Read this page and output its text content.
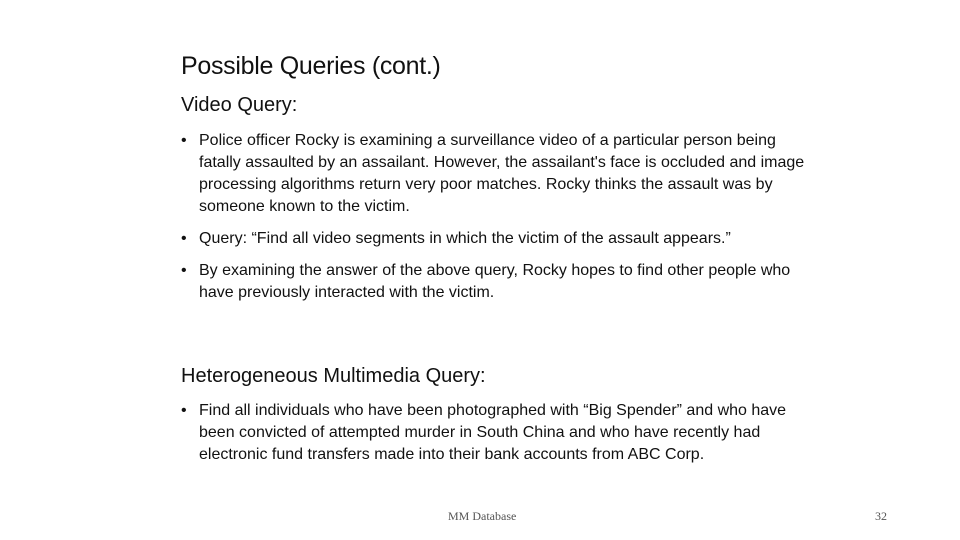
Possible Queries (cont.)
Video Query:
• Police officer Rocky is examining a surveillance video of a particular person being fatally assaulted by an assailant. However, the assailant's face is occluded and image processing algorithms return very poor matches. Rocky thinks the assault was by someone known to the victim.
• Query: “Find all video segments in which the victim of the assault appears.”
• By examining the answer of the above query, Rocky hopes to find other people who have previously interacted with the victim.
Heterogeneous Multimedia Query:
• Find all individuals who have been photographed with “Big Spender” and who have been convicted of attempted murder in South China and who have recently had electronic fund transfers made into their bank accounts from ABC Corp.
MM Database	32
